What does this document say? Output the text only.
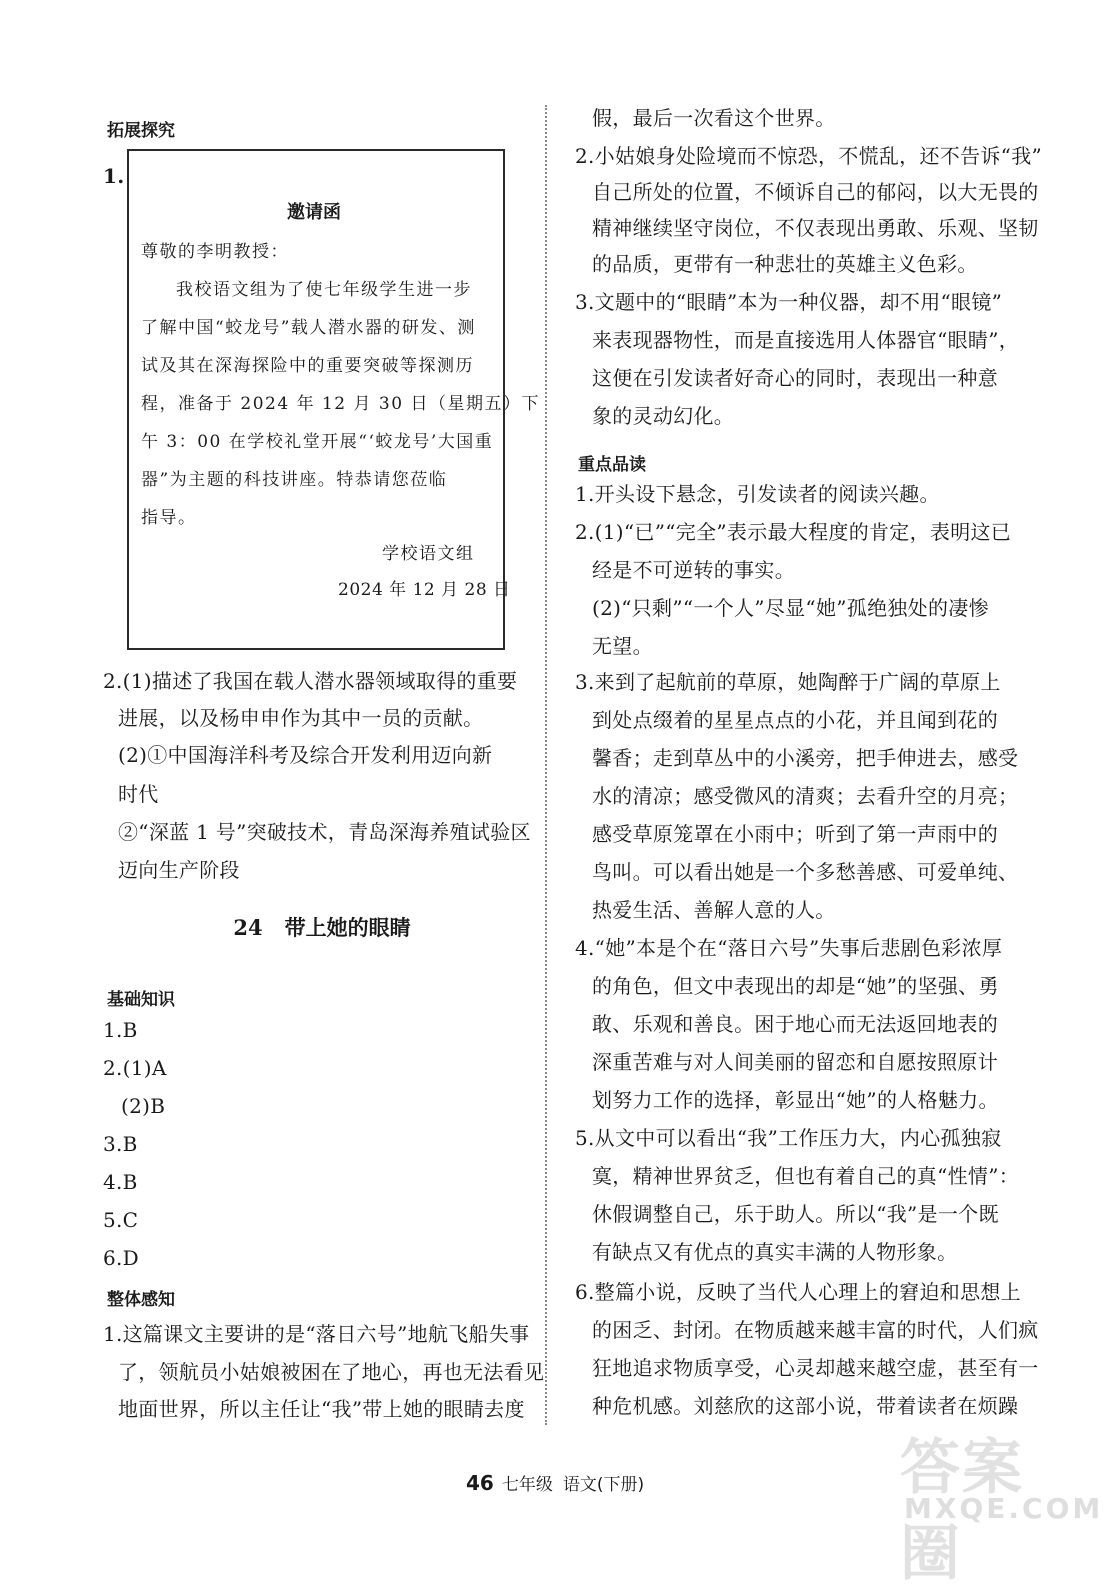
拓展探究
1.
邀请函
尊敬的李明教授：
我校语文组为了使七年级学生进一步
了解中国“蛟龙号”载人潜水器的研发、测
试及其在深海探险中的重要突破等探测历
程，准备于 2024 年 12 月 30 日（星期五）下
午 3：00 在学校礼堂开展“‘蛟龙号’大国重
器”为主题的科技讲座。特恭请您莅临
指导。
学校语文组
2024 年 12 月 28 日
2.(1)描述了我国在载人潜水器领域取得的重要
进展，以及杨申申作为其中一员的贡献。
(2)①中国海洋科考及综合开发利用迈向新
时代
②“深蓝 1 号”突破技术，青岛深海养殖试验区
迈向生产阶段
24 带上她的眼睛
基础知识
1.B
2.(1)A
(2)B
3.B
4.B
5.C
6.D
整体感知
1.这篇课文主要讲的是“落日六号”地航飞船失事
了，领航员小姑娘被困在了地心，再也无法看见
地面世界，所以主任让“我”带上她的眼睛去度
假，最后一次看这个世界。
2.小姑娘身处险境而不惊恐，不慌乱，还不告诉“我”
自己所处的位置，不倾诉自己的郁闷，以大无畏的
精神继续坚守岗位，不仅表现出勇敢、乐观、坚韧
的品质，更带有一种悲壮的英雄主义色彩。
3.文题中的“眼睛”本为一种仪器，却不用“眼镜”
来表现器物性，而是直接选用人体器官“眼睛”，
这便在引发读者好奇心的同时，表现出一种意
象的灵动幻化。
重点品读
1.开头设下悬念，引发读者的阅读兴趣。
2.(1)“已”“完全”表示最大程度的肯定，表明这已
经是不可逆转的事实。
(2)“只剩”“一个人”尽显“她”孤绝独处的凄惨
无望。
3.来到了起航前的草原，她陶醉于广阔的草原上
到处点缀着的星星点点的小花，并且闻到花的
馨香；走到草丛中的小溪旁，把手伸进去，感受
水的清凉；感受微风的清爽；去看升空的月亮；
感受草原笼罩在小雨中；听到了第一声雨中的
鸟叫。可以看出她是一个多愁善感、可爱单纯、
热爱生活、善解人意的人。
4.“她”本是个在“落日六号”失事后悲剧色彩浓厚
的角色，但文中表现出的却是“她”的坚强、勇
敢、乐观和善良。困于地心而无法返回地表的
深重苦难与对人间美丽的留恋和自愿按照原计
划努力工作的选择，彰显出“她”的人格魅力。
5.从文中可以看出“我”工作压力大，内心孤独寂
寞，精神世界贫乏，但也有着自己的真“性情”：
休假调整自己，乐于助人。所以“我”是一个既
有缺点又有优点的真实丰满的人物形象。
6.整篇小说，反映了当代人心理上的窘迫和思想上
的困乏、封闭。在物质越来越丰富的时代，人们疯
狂地追求物质享受，心灵却越来越空虚，甚至有一
种危机感。刘慈欣的这部小说，带着读者在烦躁
46 七年级 语文(下册)	答案圈
MXQE.COM
